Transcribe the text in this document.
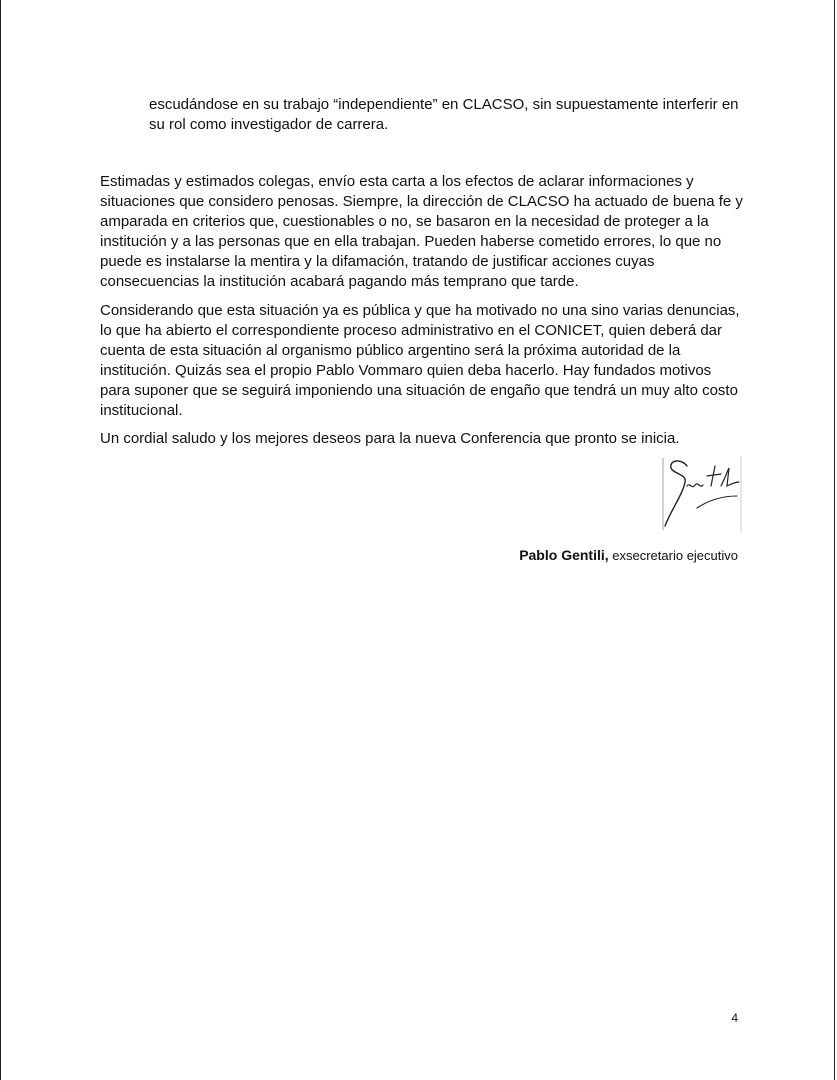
escudándose en su trabajo “independiente” en CLACSO, sin supuestamente interferir en su rol como investigador de carrera.

Estimadas y estimados colegas, envío esta carta a los efectos de aclarar informaciones y situaciones que considero penosas. Siempre, la dirección de CLACSO ha actuado de buena fe y amparada en criterios que, cuestionables o no, se basaron en la necesidad de proteger a la institución y a las personas que en ella trabajan. Pueden haberse cometido errores, lo que no puede es instalarse la mentira y la difamación, tratando de justificar acciones cuyas consecuencias la institución acabará pagando más temprano que tarde.

Considerando que esta situación ya es pública y que ha motivado no una sino varias denuncias, lo que ha abierto el correspondiente proceso administrativo en el CONICET, quien deberá dar cuenta de esta situación al organismo público argentino será la próxima autoridad de la institución. Quizás sea el propio Pablo Vommaro quien deba hacerlo. Hay fundados motivos para suponer que se seguirá imponiendo una situación de engaño que tendrá un muy alto costo institucional.

Un cordial saludo y los mejores deseos para la nueva Conferencia que pronto se inicia.

Pablo Gentili, exsecretario ejecutivo
4
